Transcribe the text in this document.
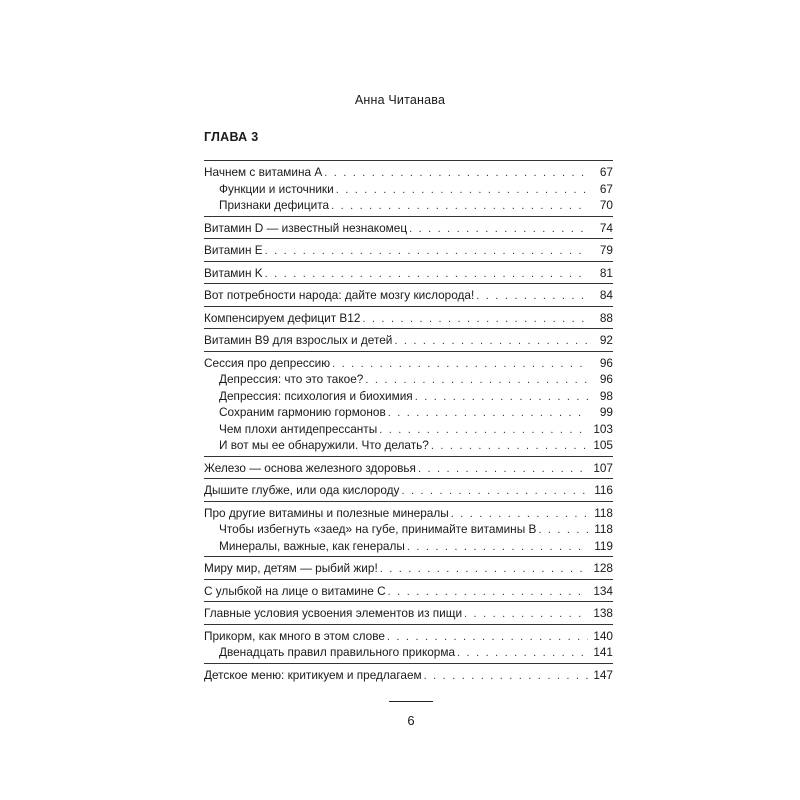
Анна Читанава
ГЛАВА 3
Начнем с витамина А . . .	67
Функции и источники . . .	67
Признаки дефицита . . .	70
Витамин D — известный незнакомец . . .	74
Витамин Е . . .	79
Витамин K . . .	81
Вот потребности народа: дайте мозгу кислорода! . . .	84
Компенсируем дефицит B12 . . .	88
Витамин B9 для взрослых и детей . . .	92
Сессия про депрессию . . .	96
Депрессия: что это такое? . . .	96
Депрессия: психология и биохимия . . .	98
Сохраним гармонию гормонов . . .	99
Чем плохи антидепрессанты . . .	103
И вот мы ее обнаружили. Что делать? . . .	105
Железо — основа железного здоровья . . .	107
Дышите глубже, или ода кислороду . . .	116
Про другие витамины и полезные минералы . . .	118
Чтобы избегнуть «заед» на губе, принимайте витамины В . . .	118
Минералы, важные, как генералы . . .	119
Миру мир, детям — рыбий жир! . . .	128
С улыбкой на лице о витамине С . . .	134
Главные условия усвоения элементов из пищи . . .	138
Прикорм, как много в этом слове . . .	140
Двенадцать правил правильного прикорма . . .	141
Детское меню: критикуем и предлагаем . . .	147
6
